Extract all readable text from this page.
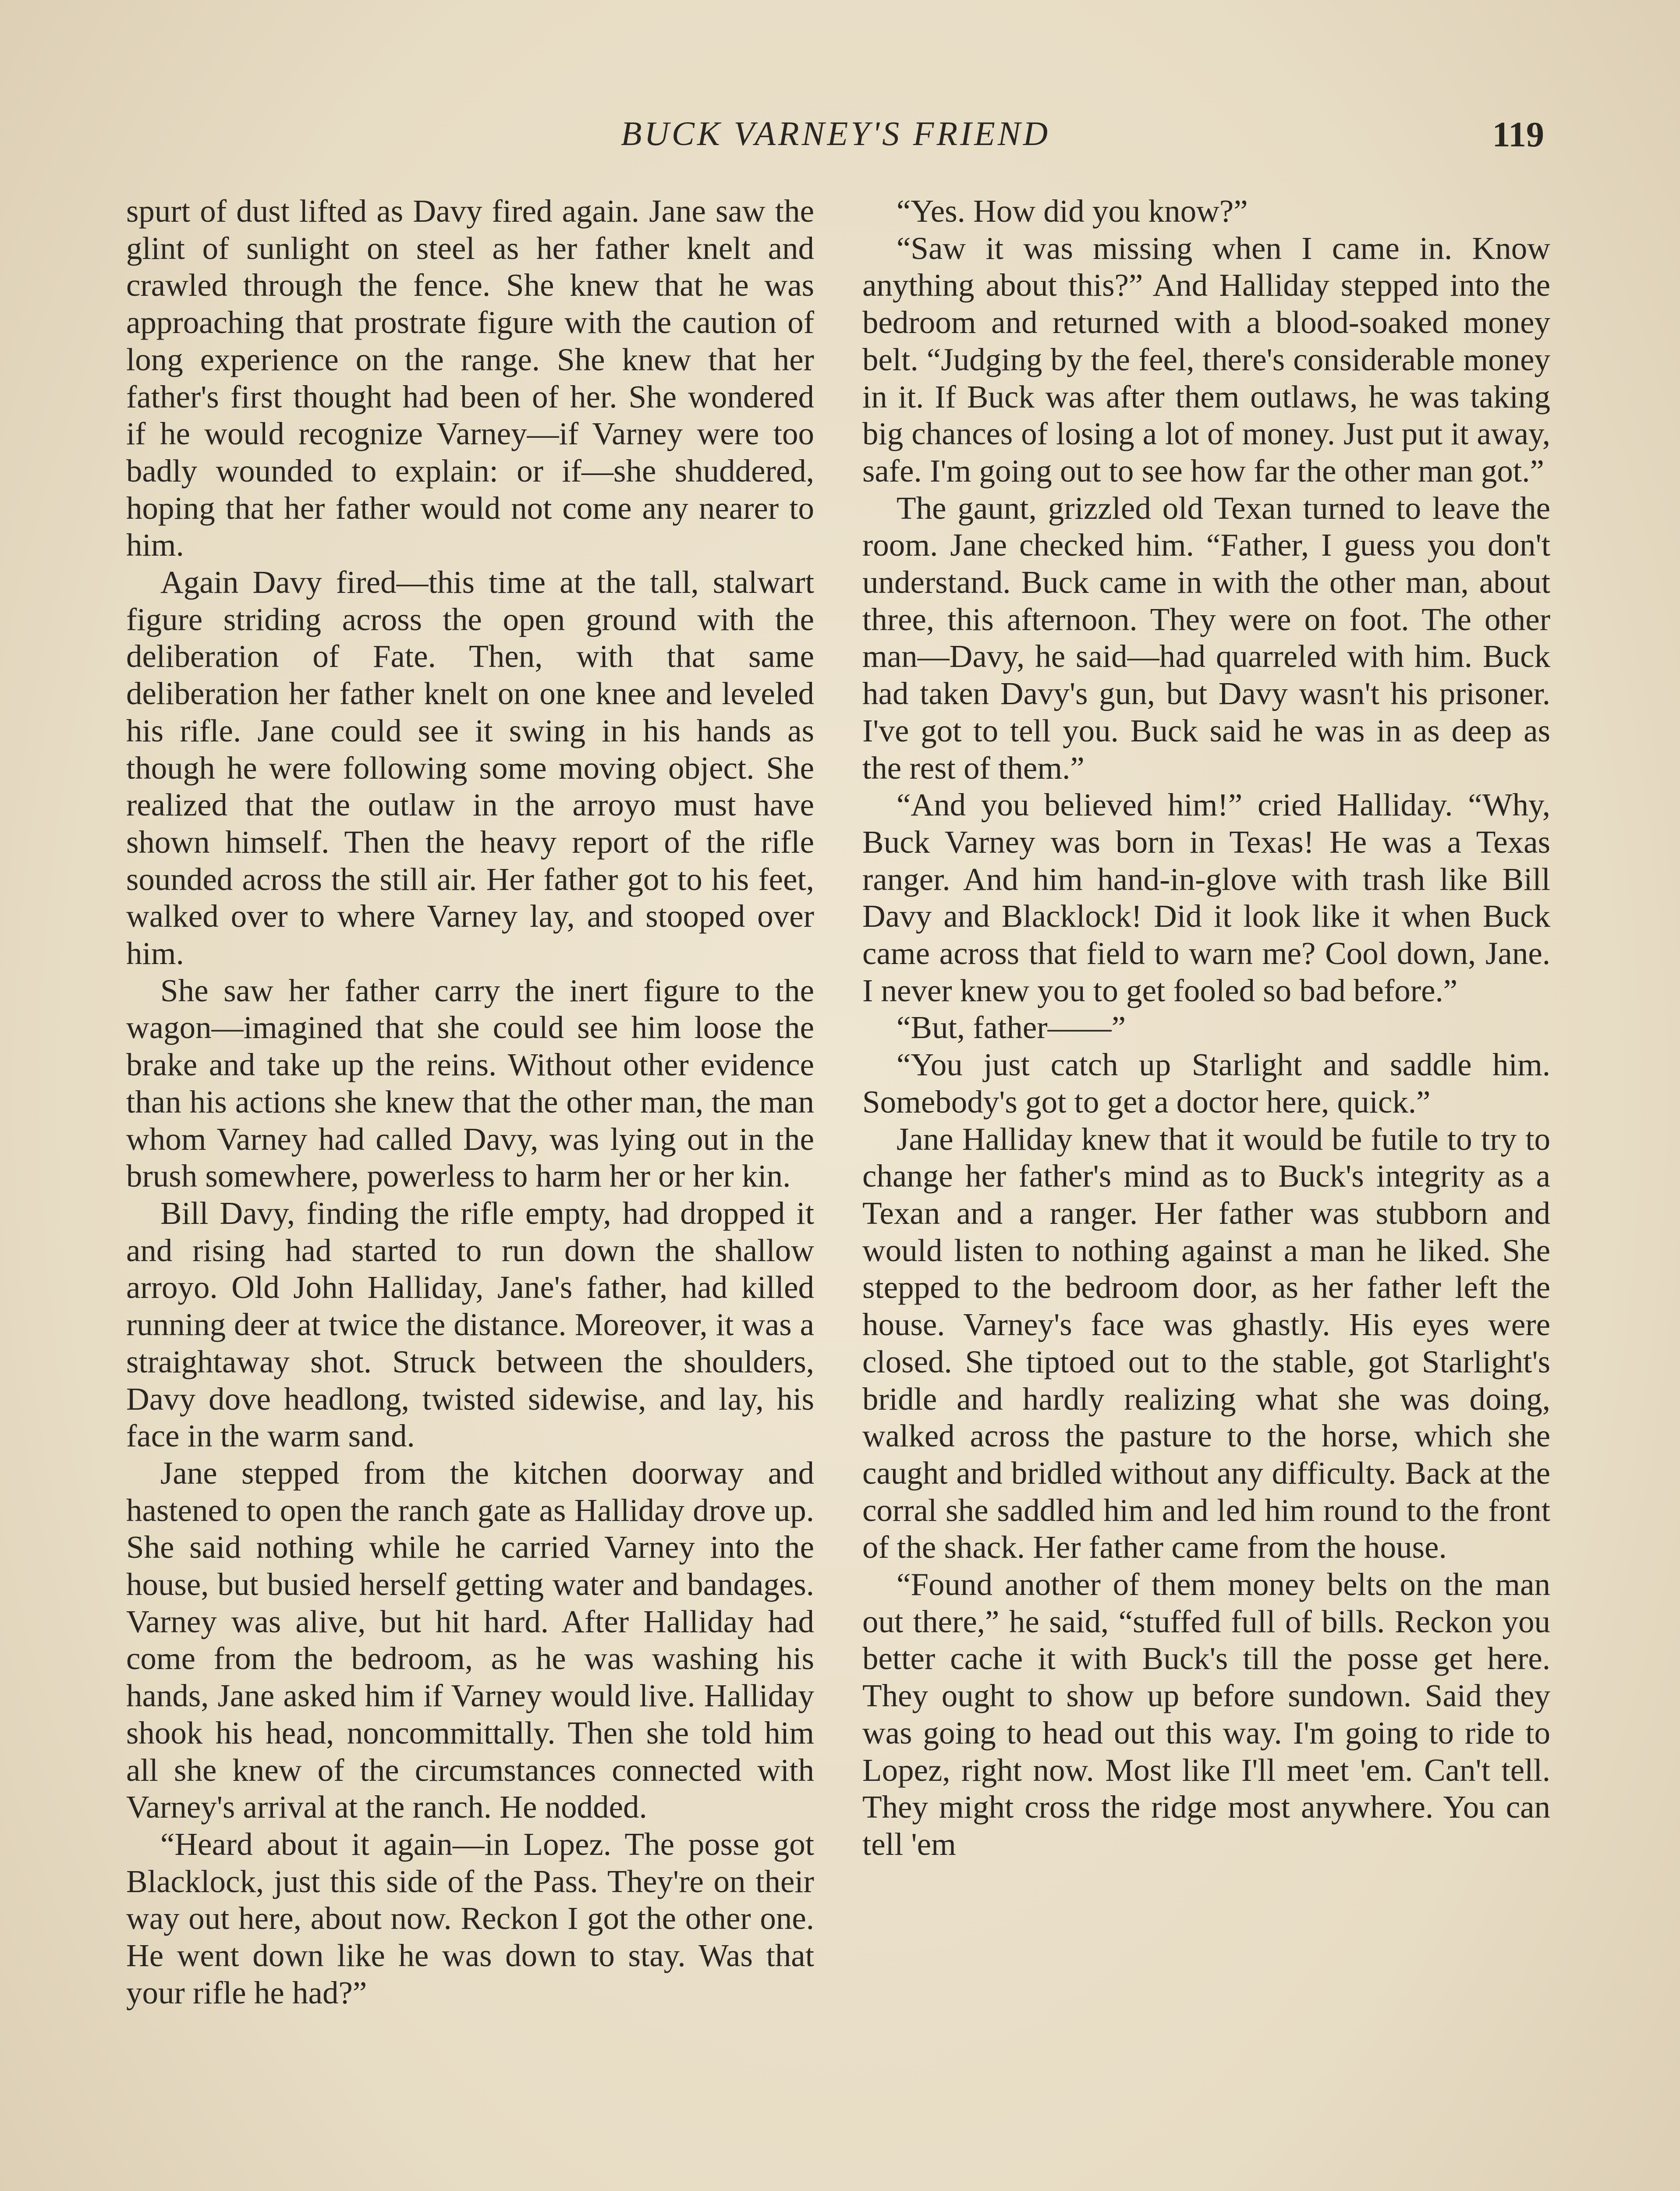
BUCK VARNEY'S FRIEND	119

spurt of dust lifted as Davy fired again. Jane saw the glint of sunlight on steel as her father knelt and crawled through the fence. She knew that he was approaching that prostrate figure with the caution of long experience on the range. She knew that her father's first thought had been of her. She wondered if he would recognize Varney—if Varney were too badly wounded to explain: or if—she shuddered, hoping that her father would not come any nearer to him.

Again Davy fired—this time at the tall, stalwart figure striding across the open ground with the deliberation of Fate. Then, with that same deliberation her father knelt on one knee and leveled his rifle. Jane could see it swing in his hands as though he were following some moving object. She realized that the outlaw in the arroyo must have shown himself. Then the heavy report of the rifle sounded across the still air. Her father got to his feet, walked over to where Varney lay, and stooped over him.

She saw her father carry the inert figure to the wagon—imagined that she could see him loose the brake and take up the reins. Without other evidence than his actions she knew that the other man, the man whom Varney had called Davy, was lying out in the brush somewhere, powerless to harm her or her kin.

Bill Davy, finding the rifle empty, had dropped it and rising had started to run down the shallow arroyo. Old John Halliday, Jane's father, had killed running deer at twice the distance. Moreover, it was a straightaway shot. Struck between the shoulders, Davy dove headlong, twisted sidewise, and lay, his face in the warm sand.

Jane stepped from the kitchen doorway and hastened to open the ranch gate as Halliday drove up. She said nothing while he carried Varney into the house, but busied herself getting water and bandages. Varney was alive, but hit hard. After Halliday had come from the bedroom, as he was washing his hands, Jane asked him if Varney would live. Halliday shook his head, noncommittally. Then she told him all she knew of the circumstances connected with Varney's arrival at the ranch. He nodded.

“Heard about it again—in Lopez. The posse got Blacklock, just this side of the Pass. They're on their way out here, about now. Reckon I got the other one. He went down like he was down to stay. Was that your rifle he had?”

“Yes. How did you know?”

“Saw it was missing when I came in. Know anything about this?” And Halliday stepped into the bedroom and returned with a blood-soaked money belt. “Judging by the feel, there's considerable money in it. If Buck was after them outlaws, he was taking big chances of losing a lot of money. Just put it away, safe. I'm going out to see how far the other man got.”

The gaunt, grizzled old Texan turned to leave the room. Jane checked him. “Father, I guess you don't understand. Buck came in with the other man, about three, this afternoon. They were on foot. The other man—Davy, he said—had quarreled with him. Buck had taken Davy's gun, but Davy wasn't his prisoner. I've got to tell you. Buck said he was in as deep as the rest of them.”

“And you believed him!” cried Halliday. “Why, Buck Varney was born in Texas! He was a Texas ranger. And him hand-in-glove with trash like Bill Davy and Blacklock! Did it look like it when Buck came across that field to warn me? Cool down, Jane. I never knew you to get fooled so bad before.”

“But, father——”

“You just catch up Starlight and saddle him. Somebody's got to get a doctor here, quick.”

Jane Halliday knew that it would be futile to try to change her father's mind as to Buck's integrity as a Texan and a ranger. Her father was stubborn and would listen to nothing against a man he liked. She stepped to the bedroom door, as her father left the house. Varney's face was ghastly. His eyes were closed. She tiptoed out to the stable, got Starlight's bridle and hardly realizing what she was doing, walked across the pasture to the horse, which she caught and bridled without any difficulty. Back at the corral she saddled him and led him round to the front of the shack. Her father came from the house.

“Found another of them money belts on the man out there,” he said, “stuffed full of bills. Reckon you better cache it with Buck's till the posse get here. They ought to show up before sundown. Said they was going to head out this way. I'm going to ride to Lopez, right now. Most like I'll meet 'em. Can't tell. They might cross the ridge most anywhere. You can tell 'em
